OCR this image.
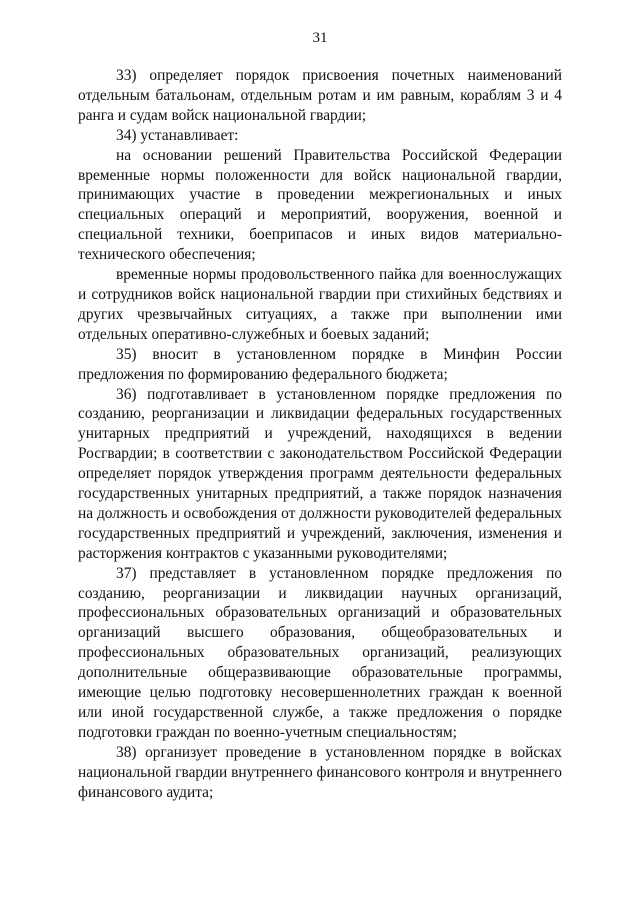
31

33) определяет порядок присвоения почетных наименований отдельным батальонам, отдельным ротам и им равным, кораблям 3 и 4 ранга и судам войск национальной гвардии;

34) устанавливает:

на основании решений Правительства Российской Федерации временные нормы положенности для войск национальной гвардии, принимающих участие в проведении межрегиональных и иных специальных операций и мероприятий, вооружения, военной и специальной техники, боеприпасов и иных видов материально-технического обеспечения;

временные нормы продовольственного пайка для военнослужащих и сотрудников войск национальной гвардии при стихийных бедствиях и других чрезвычайных ситуациях, а также при выполнении ими отдельных оперативно-служебных и боевых заданий;

35) вносит в установленном порядке в Минфин России предложения по формированию федерального бюджета;

36) подготавливает в установленном порядке предложения по созданию, реорганизации и ликвидации федеральных государственных унитарных предприятий и учреждений, находящихся в ведении Росгвардии; в соответствии с законодательством Российской Федерации определяет порядок утверждения программ деятельности федеральных государственных унитарных предприятий, а также порядок назначения на должность и освобождения от должности руководителей федеральных государственных предприятий и учреждений, заключения, изменения и расторжения контрактов с указанными руководителями;

37) представляет в установленном порядке предложения по созданию, реорганизации и ликвидации научных организаций, профессиональных образовательных организаций и образовательных организаций высшего образования, общеобразовательных и профессиональных образовательных организаций, реализующих дополнительные общеразвивающие образовательные программы, имеющие целью подготовку несовершеннолетних граждан к военной или иной государственной службе, а также предложения о порядке подготовки граждан по военно-учетным специальностям;

38) организует проведение в установленном порядке в войсках национальной гвардии внутреннего финансового контроля и внутреннего финансового аудита;
